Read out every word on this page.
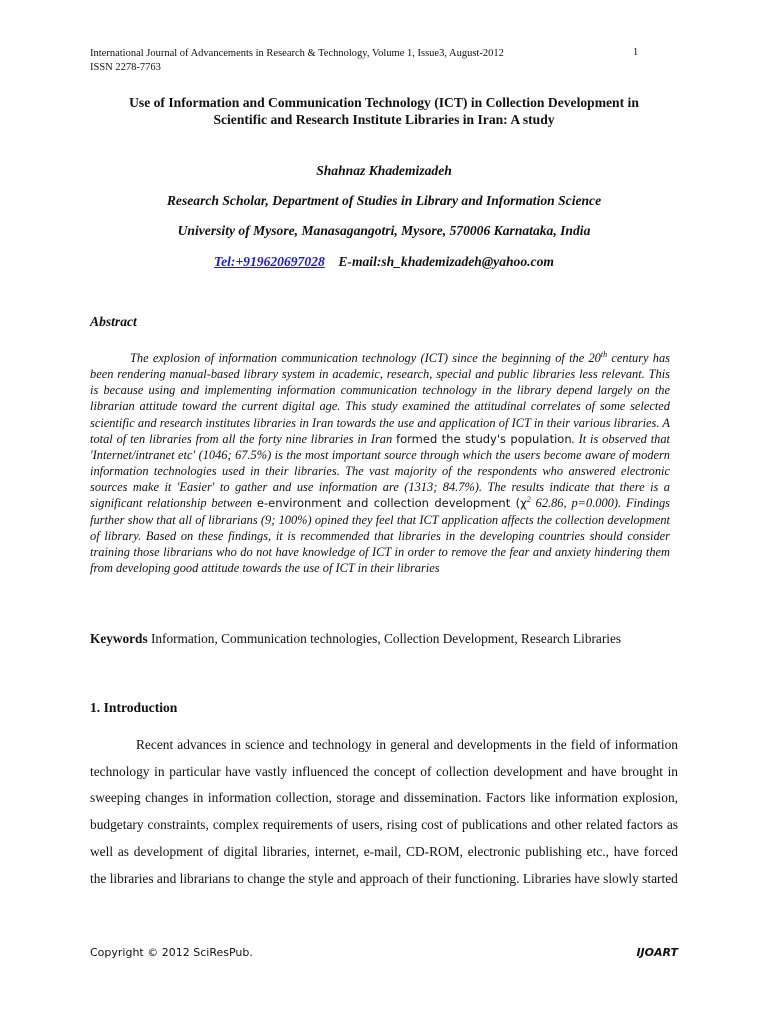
International Journal of Advancements in Research & Technology, Volume 1, Issue3, August-2012
ISSN 2278-7763
1
Use of Information and Communication Technology (ICT) in Collection Development in
Scientific and Research Institute Libraries in Iran: A study
Shahnaz Khademizadeh
Research Scholar, Department of Studies in Library and Information Science
University of Mysore, Manasagangotri, Mysore, 570006 Karnataka, India
Tel:+919620697028 E-mail:sh_khademizadeh@yahoo.com
Abstract

The explosion of information communication technology (ICT) since the beginning of the 20th century has been rendering manual-based library system in academic, research, special and public libraries less relevant. This is because using and implementing information communication technology in the library depend largely on the librarian attitude toward the current digital age. This study examined the attitudinal correlates of some selected scientific and research institutes libraries in Iran towards the use and application of ICT in their various libraries. A total of ten libraries from all the forty nine libraries in Iran formed the study's population. It is observed that 'Internet/intranet etc' (1046; 67.5%) is the most important source through which the users become aware of modern information technologies used in their libraries. The vast majority of the respondents who answered electronic sources make it 'Easier' to gather and use information are (1313; 84.7%). The results indicate that there is a significant relationship between e-environment and collection development ($\chi^2$ 62.86, p=0.000). Findings further show that all of librarians (9; 100%) opined they feel that ICT application affects the collection development of library. Based on these findings, it is recommended that libraries in the developing countries should consider training those librarians who do not have knowledge of ICT in order to remove the fear and anxiety hindering them from developing good attitude towards the use of ICT in their libraries

Keywords Information, Communication technologies, Collection Development, Research Libraries

1. Introduction

Recent advances in science and technology in general and developments in the field of information technology in particular have vastly influenced the concept of collection development and have brought in sweeping changes in information collection, storage and dissemination. Factors like information explosion, budgetary constraints, complex requirements of users, rising cost of publications and other related factors as well as development of digital libraries, internet, e-mail, CD-ROM, electronic publishing etc., have forced the libraries and librarians to change the style and approach of their functioning. Libraries have slowly started

Copyright © 2012 SciResPub.	IJOART
